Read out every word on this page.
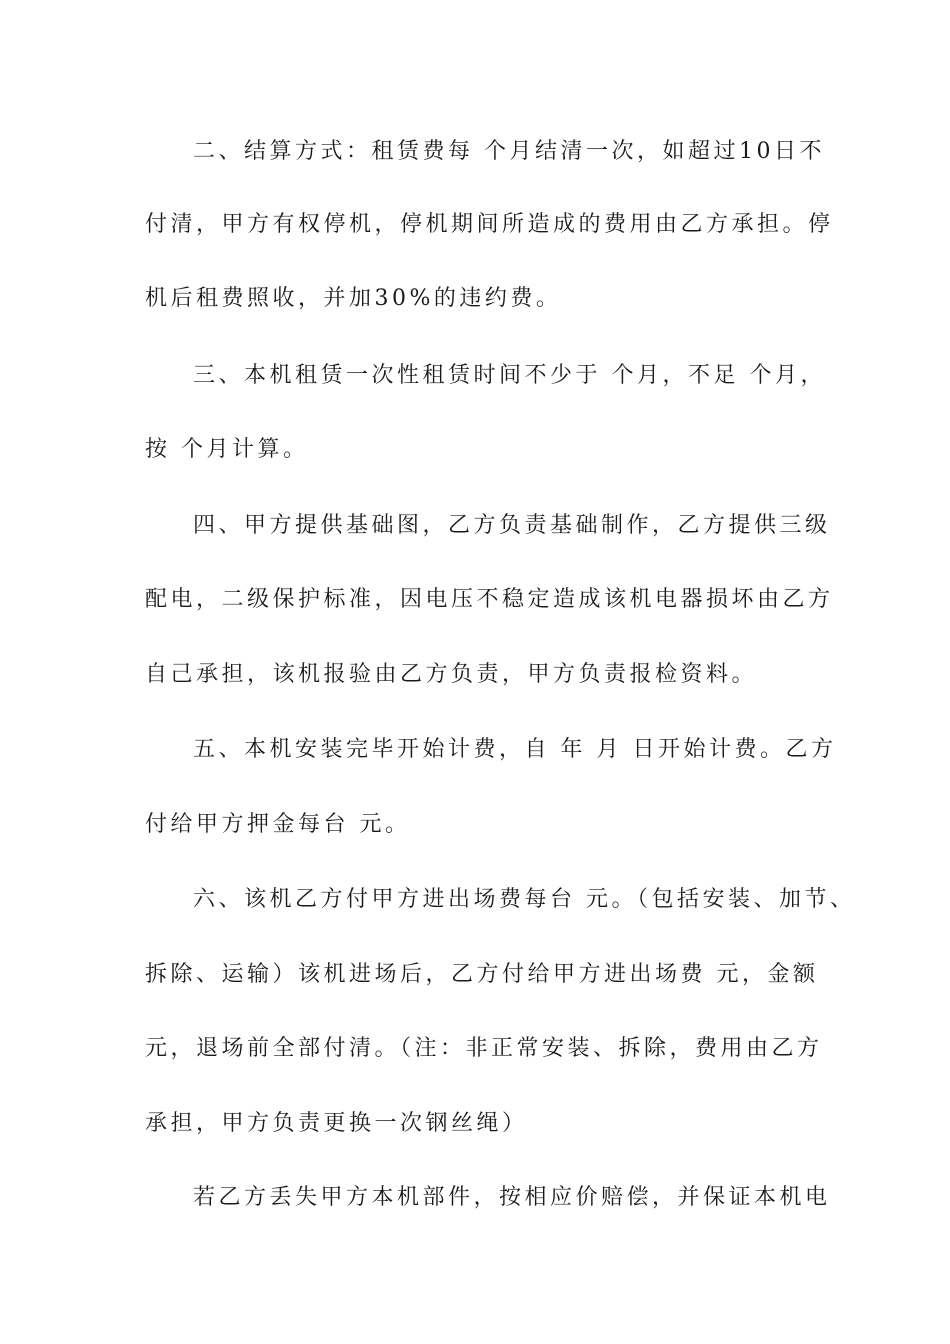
二、结算方式：租赁费每 个月结清一次，如超过10日不
付清，甲方有权停机，停机期间所造成的费用由乙方承担。停
机后租费照收，并加30%的违约费。
三、本机租赁一次性租赁时间不少于 个月，不足 个月，
按 个月计算。
四、甲方提供基础图，乙方负责基础制作，乙方提供三级
配电，二级保护标准，因电压不稳定造成该机电器损坏由乙方
自己承担，该机报验由乙方负责，甲方负责报检资料。
五、本机安装完毕开始计费，自 年 月 日开始计费。乙方
付给甲方押金每台 元。
六、该机乙方付甲方进出场费每台 元。（包括安装、加节、
拆除、运输）该机进场后，乙方付给甲方进出场费 元，金额
元，退场前全部付清。（注：非正常安装、拆除，费用由乙方
承担，甲方负责更换一次钢丝绳）
若乙方丢失甲方本机部件，按相应价赔偿，并保证本机电
